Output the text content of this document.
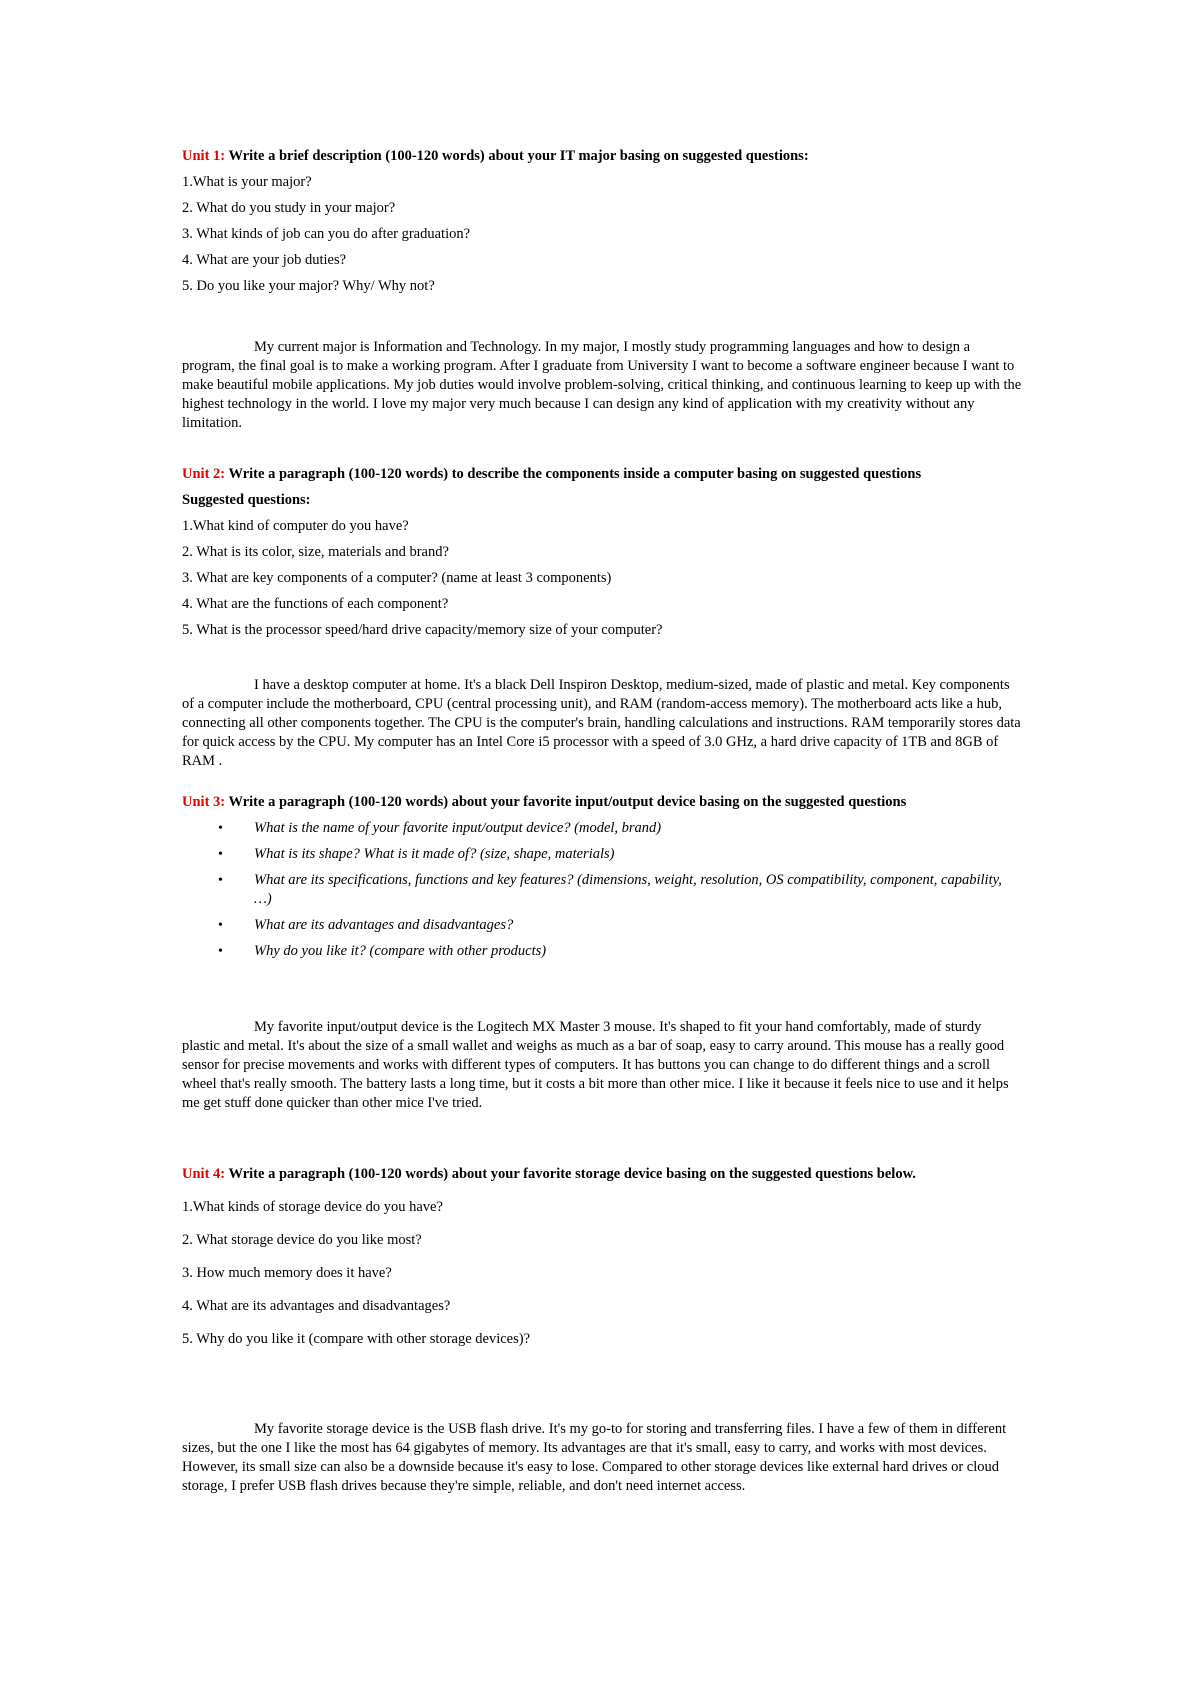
Unit 1: Write a brief description (100-120 words) about your IT major basing on suggested questions:

1.What is your major?
2. What do you study in your major?
3. What kinds of job can you do after graduation?
4. What are your job duties?
5. Do you like your major? Why/ Why not?

My current major is Information and Technology. In my major, I mostly study programming languages and how to design a program, the final goal is to make a working program. After I graduate from University I want to become a software engineer because I want to make beautiful mobile applications. My job duties would involve problem-solving, critical thinking, and continuous learning to keep up with the highest technology in the world. I love my major very much because I can design any kind of application with my creativity without any limitation.

Unit 2: Write a paragraph (100-120 words) to describe the components inside a computer basing on suggested questions

Suggested questions:

1.What kind of computer do you have?
2. What is its color, size, materials and brand?
3. What are key components of a computer? (name at least 3 components)
4. What are the functions of each component?
5. What is the processor speed/hard drive capacity/memory size of your computer?

I have a desktop computer at home. It's a black Dell Inspiron Desktop, medium-sized, made of plastic and metal. Key components of a computer include the motherboard, CPU (central processing unit), and RAM (random-access memory). The motherboard acts like a hub, connecting all other components together. The CPU is the computer's brain, handling calculations and instructions. RAM temporarily stores data for quick access by the CPU. My computer has an Intel Core i5 processor with a speed of 3.0 GHz, a hard drive capacity of 1TB and 8GB of RAM .

Unit 3: Write a paragraph (100-120 words) about your favorite input/output device basing on the suggested questions

• What is the name of your favorite input/output device? (model, brand)
• What is its shape? What is it made of? (size, shape, materials)
• What are its specifications, functions and key features? (dimensions, weight, resolution, OS compatibility, component, capability, …)
• What are its advantages and disadvantages?
• Why do you like it? (compare with other products)

My favorite input/output device is the Logitech MX Master 3 mouse. It's shaped to fit your hand comfortably, made of sturdy plastic and metal. It's about the size of a small wallet and weighs as much as a bar of soap, easy to carry around. This mouse has a really good sensor for precise movements and works with different types of computers. It has buttons you can change to do different things and a scroll wheel that's really smooth. The battery lasts a long time, but it costs a bit more than other mice. I like it because it feels nice to use and it helps me get stuff done quicker than other mice I've tried.

Unit 4: Write a paragraph (100-120 words) about your favorite storage device basing on the suggested questions below.

1.What kinds of storage device do you have?
2. What storage device do you like most?
3. How much memory does it have?
4. What are its advantages and disadvantages?
5. Why do you like it (compare with other storage devices)?

My favorite storage device is the USB flash drive. It's my go-to for storing and transferring files. I have a few of them in different sizes, but the one I like the most has 64 gigabytes of memory. Its advantages are that it's small, easy to carry, and works with most devices. However, its small size can also be a downside because it's easy to lose. Compared to other storage devices like external hard drives or cloud storage, I prefer USB flash drives because they're simple, reliable, and don't need internet access.
